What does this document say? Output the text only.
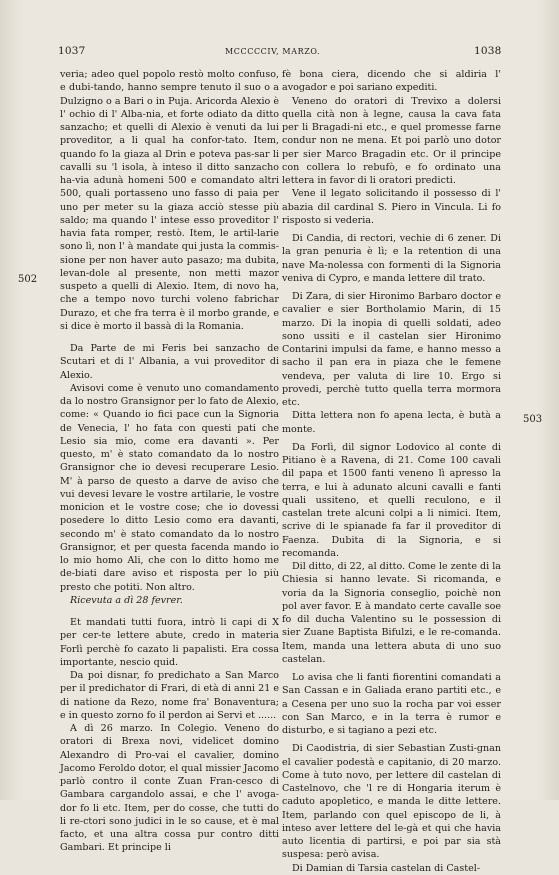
1037	MCCCCCIV, MARZO.	1038
502
503

veria; adeo quel popolo restò molto confuso, e dubi-tando, hanno sempre tenuto il suo o a Dulzigno o a Bari o in Puja. Aricorda Alexio è l' ochio di l' Alba-nia, et forte odiato da ditto sanzacho; et quelli di Alexio è venuti da lui proveditor, a li qual ha confor-tato. Item, quando fo la giaza al Drin e poteva pas-sar li cavalli su 'l isola, à inteso il ditto sanzacho ha-via adunà homeni 500 e comandato altri 500, quali portasseno uno fasso di paia per uno per meter su la giaza acciò stesse più saldo; ma quando l' intese esso proveditor l' havia fata romper, restò. Item, le artil-larie sono lì, non l' à mandate qui justa la commis-sione per non haver auto pasazo; ma dubita, levan-dole al presente, non metti mazor suspeto a quelli di Alexio. Item, di novo ha, che a tempo novo turchi voleno fabrichar Durazo, et che fra terra è il morbo grande, e si dice è morto il bassà di la Romania.

Da Parte de mi Feris bei sanzacho de Scutari et di l' Albania, a vui proveditor di Alexio.

Avisovi come è venuto uno comandamento da lo nostro Gransignor per lo fato de Alexio, come: « Quando io fici pace cun la Signoria de Venecia, l' ho fata con questi pati che Lesio sia mio, come era davanti ». Per questo, m' è stato comandato da lo nostro Gransignor che io devesi recuperare Lesio. M' à parso de questo a darve de aviso che vui devesi levare le vostre artilarie, le vostre monicion et le vostre cose; che io dovessi posedere lo ditto Lesio como era davanti, secondo m' è stato comandato da lo nostro Gransignor, et per questa facenda mando io lo mio homo Ali, che con lo ditto homo me de-biati dare aviso et risposta per lo più presto che potiti. Non altro.

Ricevuta a dì 28 fevrer.

Et mandati tutti fuora, intrò li capi di X per cer-te lettere abute, credo in materia Forlì perchè fo cazato li papalisti. Era cossa importante, nescio quid.

Da poi disnar, fo predichato a San Marco per il predichator di Frari, di età di anni 21 e di natione da Rezo, nome fra' Bonaventura; e in questo zorno fo il perdon ai Servi et ......

A dì 26 marzo. In Colegio. Veneno do oratori di Brexa novi, videlicet domino Alexandro di Pro-vai el cavalier, domino Jacomo Feroldo dotor, el qual missier Jacomo parlò contro il conte Zuan Fran-cesco di Gambara cargandolo assai, e che l' avoga-dor fo li etc. Item, per do cosse, che tutti do li re-ctori sono judici in le so cause, et è mal facto, et una altra cossa pur contro ditti Gambari. Et principe li

fè bona ciera, dicendo che si aldiria l' avogador e poi sariano expediti.

Veneno do oratori di Trevixo a dolersi quella cità non à legne, causa la cava fata per li Bragadi-ni etc., e quel promesse farne condur non ne mena. Et poi parlò uno dotor per sier Marco Bragadin etc. Or il principe con collera lo rebufò, e fo ordinato una lettera in favor di li oratori predicti.

Vene il legato solicitando il possesso di l' abazia dil cardinal S. Piero in Vincula. Li fo risposto si vederia.

Di Candia, di rectori, vechie di 6 zener. Di la gran penuria è lì; e la retention di una nave Ma-nolessa con formenti di la Signoria veniva di Cypro, e manda lettere dil trato.

Di Zara, di sier Hironimo Barbaro doctor e cavalier e sier Bortholamio Marin, di 15 marzo. Di la inopia di quelli soldati, adeo sono ussiti e il castelan sier Hironimo Contarini impulsi da fame, e hanno messo a sacho il pan era in piaza che le femene vendeva, per valuta di lire 10. Ergo si provedi, perchè tutto quella terra mormora etc.

Ditta lettera non fo apena lecta, è butà a monte.

Da Forlì, dil signor Lodovico al conte di Pitiano è a Ravena, di 21. Come 100 cavali dil papa et 1500 fanti veneno lì apresso la terra, e lui à adunato alcuni cavalli e fanti quali ussiteno, et quelli reculono, e il castelan trete alcuni colpi a li nimici. Item, scrive di le spianade fa far il proveditor di Faenza. Dubita di la Signoria, e si recomanda.

Dil ditto, di 22, al ditto. Come le zente di la Chiesia si hanno levate. Si ricomanda, e voria da la Signoria conseglio, poichè non pol aver favor. E à mandato certe cavalle soe fo dil ducha Valentino su le possession di sier Zuane Baptista Bifulzi, e le re-comanda. Item, manda una lettera abuta di uno suo castelan.

Lo avisa che li fanti fiorentini comandati a San Cassan e in Galiada erano partiti etc., e a Cesena per uno suo la rocha par voi esser con San Marco, e in la terra è rumor e disturbo, e si tagiano a pezi etc.

Di Caodistria, di sier Sebastian Zusti-gnan el cavalier podestà e capitanio, di 20 marzo. Come à tuto novo, per lettere dil castelan di Castelnovo, che 'l re di Hongaria iterum è caduto apopletico, e manda le ditte lettere. Item, parlando con quel episcopo de li, à inteso aver lettere del le-gà et qui che havia auto licentia di partirsi, e poi par sia stà suspesa: però avisa.

Di Damian di Tarsia castelan di Castel-
